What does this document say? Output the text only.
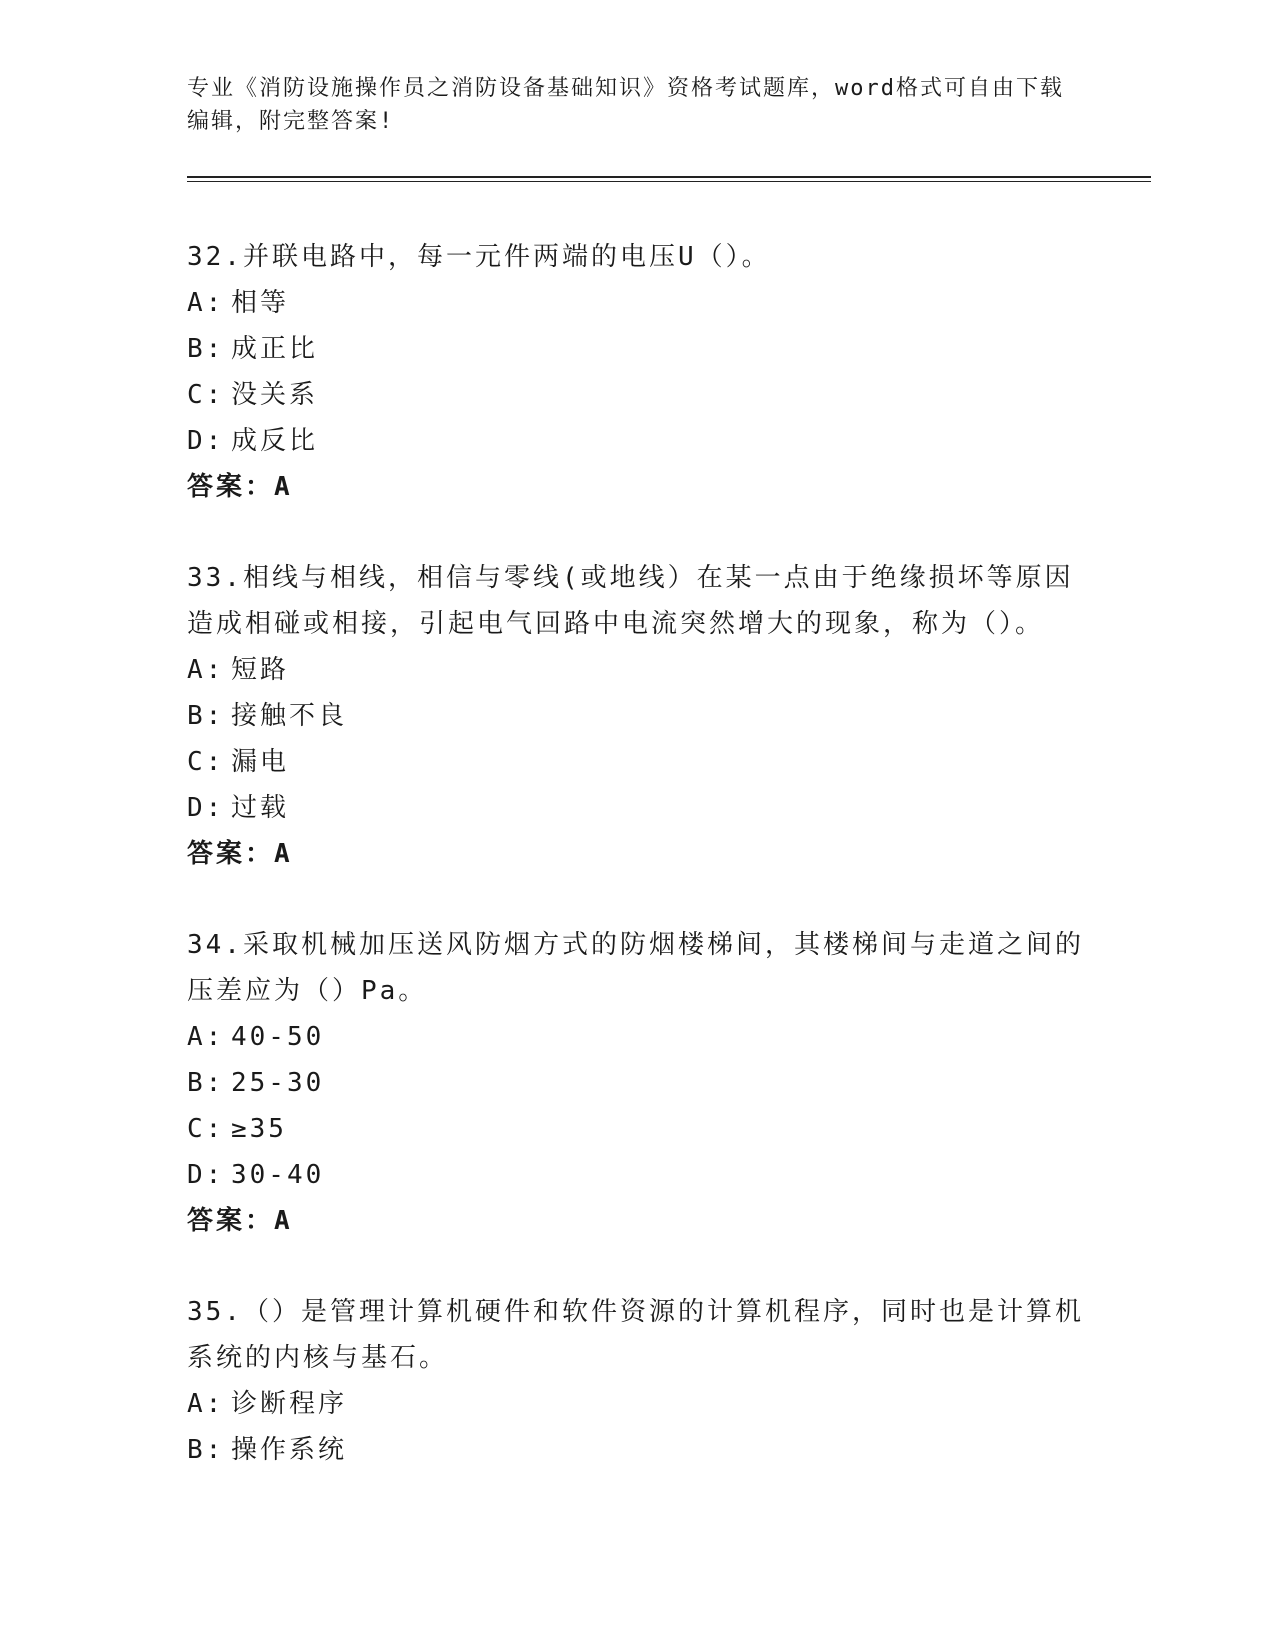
专业《消防设施操作员之消防设备基础知识》资格考试题库，word格式可自由下载编辑，附完整答案!
32.并联电路中，每一元件两端的电压U（）。
A: 相等
B: 成正比
C: 没关系
D: 成反比
答案：A
33.相线与相线，相信与零线(或地线）在某一点由于绝缘损坏等原因造成相碰或相接，引起电气回路中电流突然增大的现象，称为（）。
A: 短路
B: 接触不良
C: 漏电
D: 过载
答案：A
34.采取机械加压送风防烟方式的防烟楼梯间，其楼梯间与走道之间的压差应为（）Pa。
A: 40-50
B: 25-30
C: ≥35
D: 30-40
答案：A
35.（）是管理计算机硬件和软件资源的计算机程序，同时也是计算机系统的内核与基石。
A: 诊断程序
B: 操作系统
